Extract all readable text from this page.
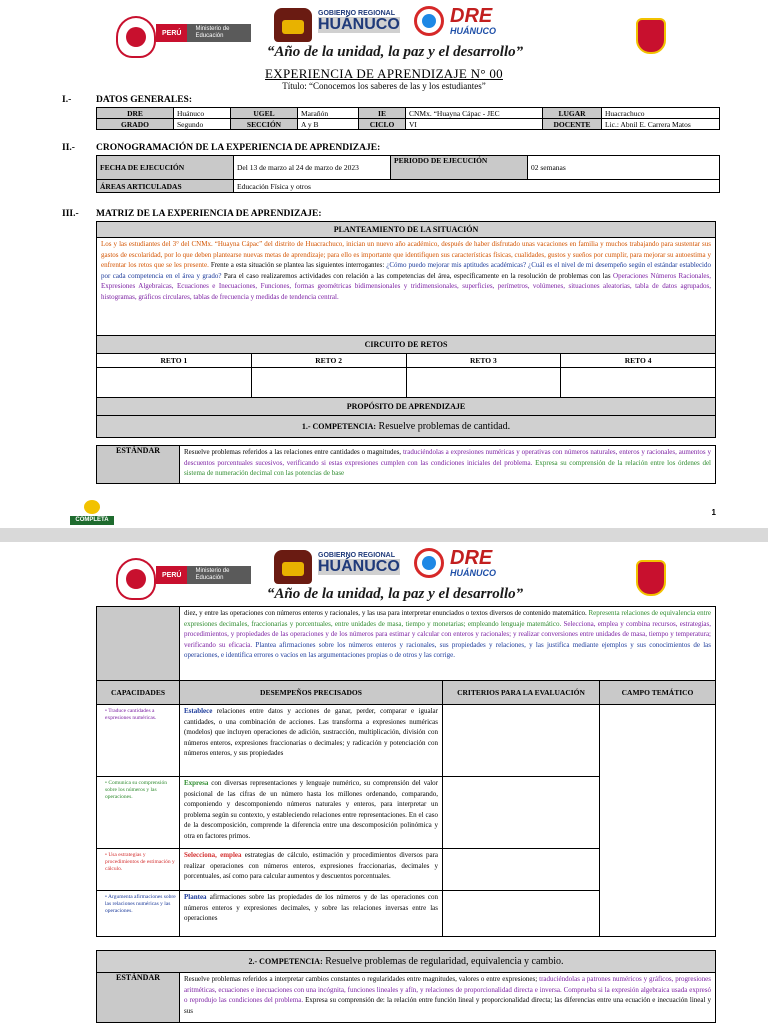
PERÚ
Ministerio de Educación
GOBIERNO REGIONAL
HUÁNUCO	DRE
HUÁNUCO
“Año de la unidad, la paz y el desarrollo”
EXPERIENCIA DE APRENDIZAJE N° 00
Título: “Conocemos los saberes de las y los estudiantes”
I.-	DATOS GENERALES:
DRE	Huánuco	UGEL	Marañón	IE	CNMx. “Huayna Cápac - JEC	LUGAR	Huacrachuco
GRADO	Segundo	SECCIÓN	A y B	CICLO	VI	DOCENTE	Lic.: Abnil E. Carrera Matos
II.- CRONOGRAMACIÓN DE LA EXPERIENCIA DE APRENDIZAJE:
FECHA DE EJECUCIÓN	Del 13 de marzo al 24 de marzo de 2023	PERIODO DE EJECUCIÓN	02 semanas
ÁREAS ARTICULADAS	Educación Física y otros		
III.- MATRIZ DE LA EXPERIENCIA DE APRENDIZAJE:
PLANTEAMIENTO DE LA SITUACIÓN			
Los y las estudiantes del 3° del CNMx. “Huayna Cápac” del distrito de Huacrachuco, inician un nuevo año académico, después de haber disfrutado unas vacaciones en familia y muchos trabajando para sustentar sus gastos de escolaridad, por lo que deben plantearse nuevas metas de aprendizaje; para ello es importante que identifiquen sus características físicas, cualidades, gustos y sueños por cumplir, para mejorar su autoestima y enfrentar los retos que se les presente. Frente a esta situación se plantea las siguientes interrogantes: ¿Cómo puedo mejorar mis aptitudes académicas? ¿Cuál es el nivel de mi desempeño según el estándar establecido por cada competencia en el área y grado? Para el caso realizaremos actividades con relación a las competencias del área, específicamente en la resolución de problemas con las Operaciones Números Racionales, Expresiones Algebraicas, Ecuaciones e Inecuaciones, Funciones, formas geométricas bidimensionales y tridimensionales, superficies, perímetros, volúmenes, situaciones aleatorias, tabla de datos agrupados, histogramas, gráficos circulares, tablas de frecuencia y medidas de tendencia central.			
CIRCUITO DE RETOS			
RETO 1	RETO 2	RETO 3	RETO 4

PROPÓSITO DE APRENDIZAJE			
1.- COMPETENCIA: Resuelve problemas de cantidad.			
ESTÁNDAR	Resuelve problemas referidos a las relaciones entre cantidades o magnitudes, traduciéndolas a expresiones numéricas y operativas con números naturales, enteros y racionales, aumentos y descuentos porcentuales sucesivos, verificando si estas expresiones cumplen con las condiciones iniciales del problema. Expresa su comprensión de la relación entre los órdenes del sistema de numeración decimal con las potencias de base
COMPLETA
1
PERÚ
Ministerio de Educación
GOBIERNO REGIONAL
HUÁNUCO	DRE
HUÁNUCO
“Año de la unidad, la paz y el desarrollo”
	diez, y entre las operaciones con números enteros y racionales, y las usa para interpretar enunciados o textos diversos de contenido matemático. Representa relaciones de equivalencia entre expresiones decimales, fraccionarias y porcentuales, entre unidades de masa, tiempo y monetarias; empleando lenguaje matemático. Selecciona, emplea y combina recursos, estrategias, procedimientos, y propiedades de las operaciones y de los números para estimar y calcular con enteros y racionales; y realizar conversiones entre unidades de masa, tiempo y temperatura; verificando su eficacia. Plantea afirmaciones sobre los números enteros y racionales, sus propiedades y relaciones, y las justifica mediante ejemplos y sus conocimientos de las operaciones, e identifica errores o vacíos en las argumentaciones propias o de otros y las corrige.
CAPACIDADES	DESEMPEÑOS PRECISADOS	CRITERIOS PARA LA EVALUACIÓN	CAMPO TEMÁTICO
• Traduce cantidades a expresiones numéricas.	Establece relaciones entre datos y acciones de ganar, perder, comparar e igualar cantidades, o una combinación de acciones. Las transforma a expresiones numéricas (modelos) que incluyen operaciones de adición, sustracción, multiplicación, división con números enteros, expresiones fraccionarias o decimales; y radicación y potenciación con números enteros, y sus propiedades		
• Comunica su comprensión sobre los números y las operaciones.	Expresa con diversas representaciones y lenguaje numérico, su comprensión del valor posicional de las cifras de un número hasta los millones ordenando, comparando, componiendo y descomponiendo números naturales y enteros, para interpretar un problema según su contexto, y estableciendo relaciones entre representaciones. En el caso de la descomposición, comprende la diferencia entre una descomposición polinómica y otra en factores primos.		
• Usa estrategias y procedimientos de estimación y cálculo.	Selecciona, emplea estrategias de cálculo, estimación y procedimientos diversos para realizar operaciones con números enteros, expresiones fraccionarias, decimales y porcentuales, así como para calcular aumentos y descuentos porcentuales.		
• Argumenta afirmaciones sobre las relaciones numéricas y las operaciones.	Plantea afirmaciones sobre las propiedades de los números y de las operaciones con números enteros y expresiones decimales, y sobre las relaciones inversas entre las operaciones		
2.- COMPETENCIA: Resuelve problemas de regularidad, equivalencia y cambio.
ESTÁNDAR	Resuelve problemas referidos a interpretar cambios constantes o regularidades entre magnitudes, valores o entre expresiones; traduciéndolas a patrones numéricos y gráficos, progresiones aritméticas, ecuaciones e inecuaciones con una incógnita, funciones lineales y afín, y relaciones de proporcionalidad directa e inversa. Comprueba si la expresión algebraica usada expresó o reprodujo las condiciones del problema. Expresa su comprensión de: la relación entre función lineal y proporcionalidad directa; las diferencias entre una ecuación e inecuación lineal y sus
